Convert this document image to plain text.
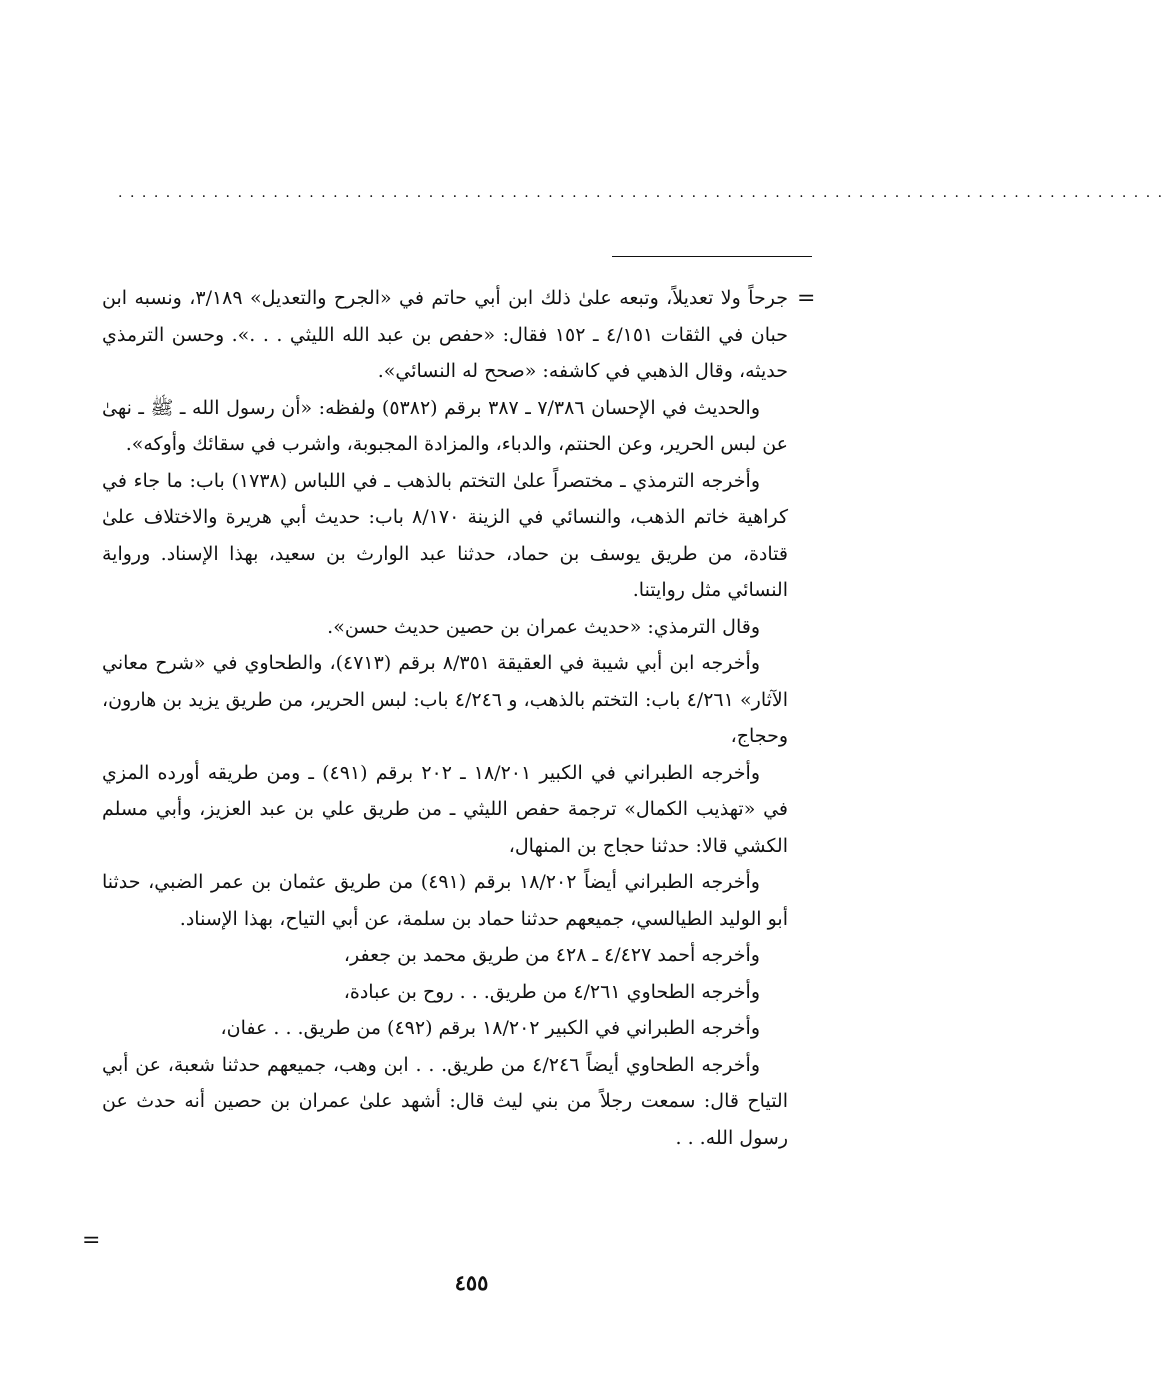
........................................................................................
=

جرحاً ولا تعديلاً، وتبعه علىٰ ذلك ابن أبي حاتم في «الجرح والتعديل» ٣/١٨٩، ونسبه ابن حبان في الثقات ٤/١٥١ ـ ١٥٢ فقال: «حفص بن عبد الله الليثي . . .». وحسن الترمذي حديثه، وقال الذهبي في كاشفه: «صحح له النسائي».

والحديث في الإحسان ٧/٣٨٦ ـ ٣٨٧ برقم (٥٣٨٢) ولفظه: «أن رسول الله ـ ﷺ ـ نهىٰ عن لبس الحرير، وعن الحنتم، والدباء، والمزادة المجبوبة، واشرب في سقائك وأوكه».

وأخرجه الترمذي ـ مختصراً علىٰ التختم بالذهب ـ في اللباس (١٧٣٨) باب: ما جاء في كراهية خاتم الذهب، والنسائي في الزينة ٨/١٧٠ باب: حديث أبي هريرة والاختلاف علىٰ قتادة، من طريق يوسف بن حماد، حدثنا عبد الوارث بن سعيد، بهذا الإسناد. ورواية النسائي مثل روايتنا.

وقال الترمذي: «حديث عمران بن حصين حديث حسن».

وأخرجه ابن أبي شيبة في العقيقة ٨/٣٥١ برقم (٤٧١٣)، والطحاوي في «شرح معاني الآثار» ٤/٢٦١ باب: التختم بالذهب، و ٤/٢٤٦ باب: لبس الحرير، من طريق يزيد بن هارون، وحجاج،

وأخرجه الطبراني في الكبير ١٨/٢٠١ ـ ٢٠٢ برقم (٤٩١) ـ ومن طريقه أورده المزي في «تهذيب الكمال» ترجمة حفص الليثي ـ من طريق علي بن عبد العزيز، وأبي مسلم الكشي قالا: حدثنا حجاج بن المنهال،

وأخرجه الطبراني أيضاً ١٨/٢٠٢ برقم (٤٩١) من طريق عثمان بن عمر الضبي، حدثنا أبو الوليد الطيالسي، جميعهم حدثنا حماد بن سلمة، عن أبي التياح، بهذا الإسناد.

وأخرجه أحمد ٤/٤٢٧ ـ ٤٢٨ من طريق محمد بن جعفر،

وأخرجه الطحاوي ٤/٢٦١ من طريق. . . روح بن عبادة،

وأخرجه الطبراني في الكبير ١٨/٢٠٢ برقم (٤٩٢) من طريق. . . عفان،

وأخرجه الطحاوي أيضاً ٤/٢٤٦ من طريق. . . ابن وهب، جميعهم حدثنا شعبة، عن أبي التياح قال: سمعت رجلاً من بني ليث قال: أشهد علىٰ عمران بن حصين أنه حدث عن رسول الله. . .

=
٤٥٥
